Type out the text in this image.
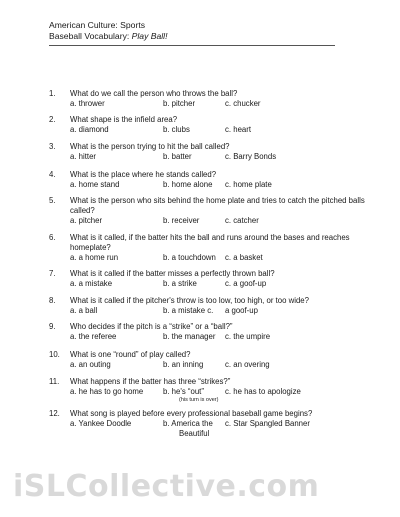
American Culture: Sports
Baseball Vocabulary: Play Ball!
1. What do we call the person who throws the ball?
a. thrower	b. pitcher	c. chucker
2. What shape is the infield area?
a. diamond	b. clubs	c. heart
3. What is the person trying to hit the ball called?
a. hitter	b. batter	c. Barry Bonds
4. What is the place where he stands called?
a. home stand	b. home alone c. home plate
5. What is the person who sits behind the home plate and tries to catch the pitched balls called?
a. pitcher	b. receiver	c. catcher
6. What is it called, if the batter hits the ball and runs around the bases and reaches homeplate?
a. a home run	b. a touchdown c. a basket
7. What is it called if the batter misses a perfectly thrown ball?
a. a mistake	b. a strike	c. a goof-up
8. What is it called if the pitcher's throw is too low, too high, or too wide?
a. a ball	b. a mistake c. a goof-up
9. Who decides if the pitch is a “strike” or a “ball?”
a. the referee	b. the manager c. the umpire
10. What is one “round” of play called?
a. an outing	b. an inning	c. an overing
11. What happens if the batter has three “strikes?”
a. he has to go home	b. he's “out”
(his turn is over)
c. he has to apologize
12. What song is played before every professional baseball game begins?
a. Yankee Doodle	b. America the
Beautiful
c. Star Spangled Banner
iSLCollective.com
